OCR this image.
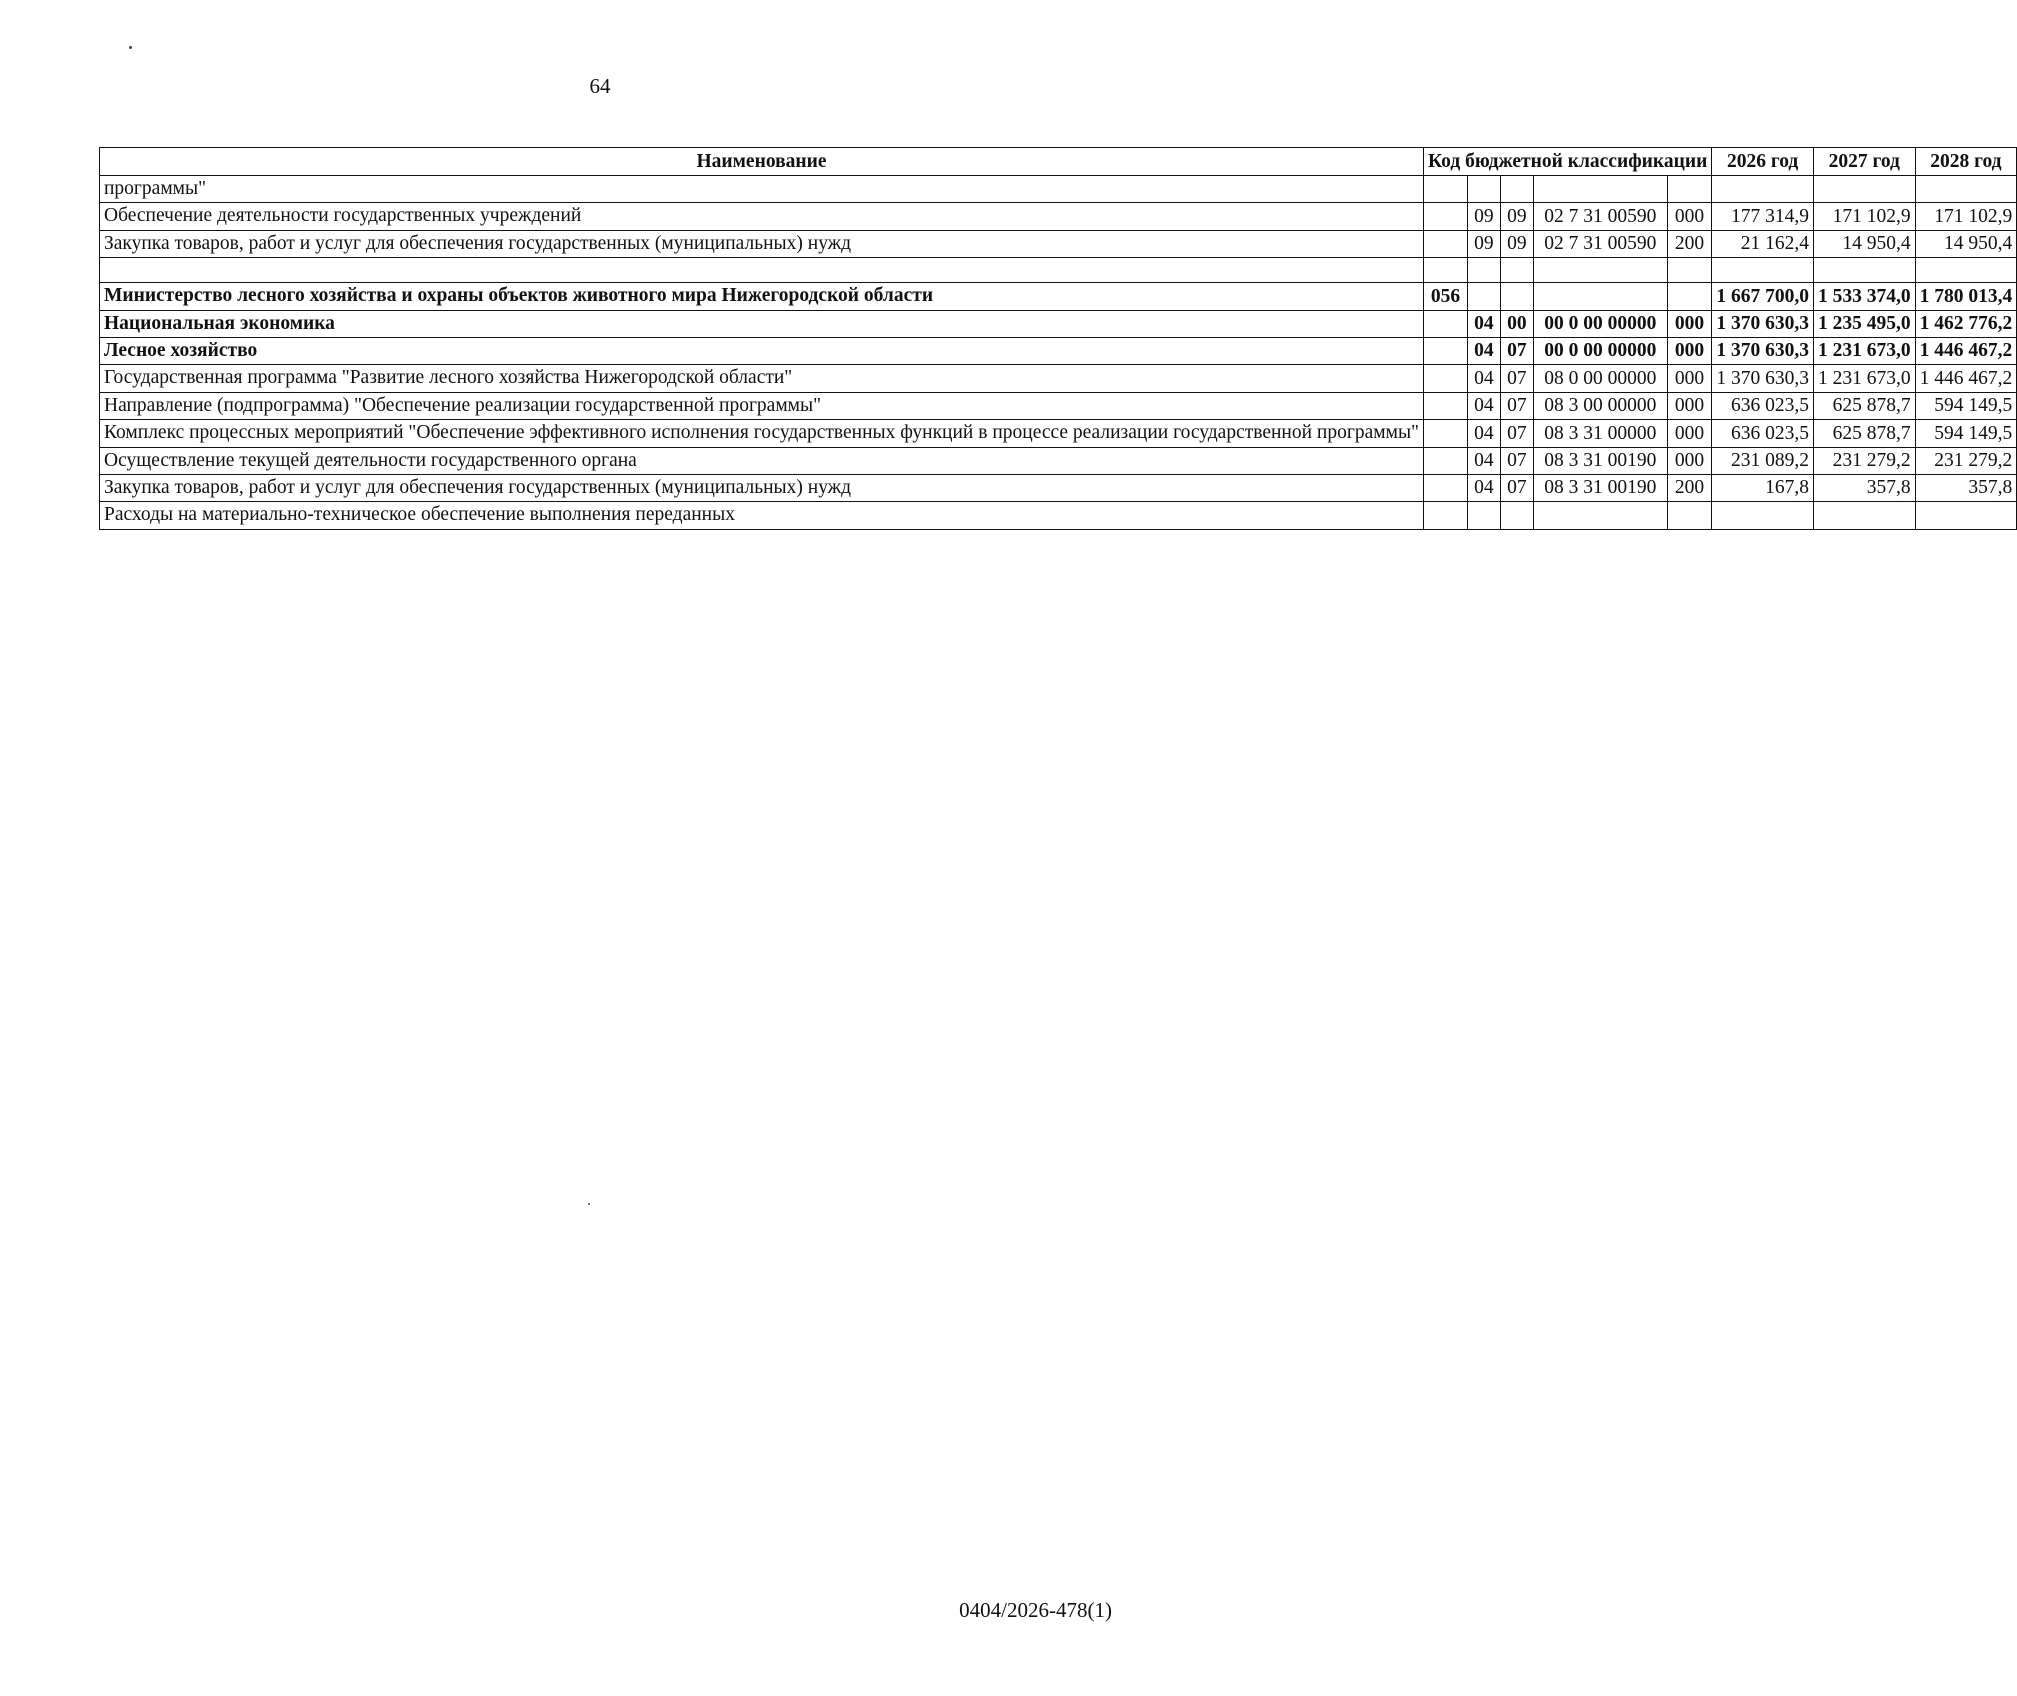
64
Наименование	Код бюджетной классификации					2026 год	2027 год	2028 год
программы"								
Обеспечение деятельности государственных учреждений		09	09	02 7 31 00590	000	177 314,9	171 102,9	171 102,9
Закупка товаров, работ и услуг для обеспечения государственных (муниципальных) нужд		09	09	02 7 31 00590	200	21 162,4	14 950,4	14 950,4

Министерство лесного хозяйства и охраны объектов животного мира Нижегородской области	056					1 667 700,0	1 533 374,0	1 780 013,4
Национальная экономика		04	00	00 0 00 00000	000	1 370 630,3	1 235 495,0	1 462 776,2
Лесное хозяйство		04	07	00 0 00 00000	000	1 370 630,3	1 231 673,0	1 446 467,2
Государственная программа "Развитие лесного хозяйства Нижегородской области"		04	07	08 0 00 00000	000	1 370 630,3	1 231 673,0	1 446 467,2
Направление (подпрограмма) "Обеспечение реализации государственной программы"		04	07	08 3 00 00000	000	636 023,5	625 878,7	594 149,5
Комплекс процессных мероприятий "Обеспечение эффективного исполнения государственных функций в процессе реализации государственной программы"		04	07	08 3 31 00000	000	636 023,5	625 878,7	594 149,5
Осуществление текущей деятельности государственного органа		04	07	08 3 31 00190	000	231 089,2	231 279,2	231 279,2
Закупка товаров, работ и услуг для обеспечения государственных (муниципальных) нужд		04	07	08 3 31 00190	200	167,8	357,8	357,8
Расходы на материально-техническое обеспечение выполнения переданных								
0404/2026-478(1)
